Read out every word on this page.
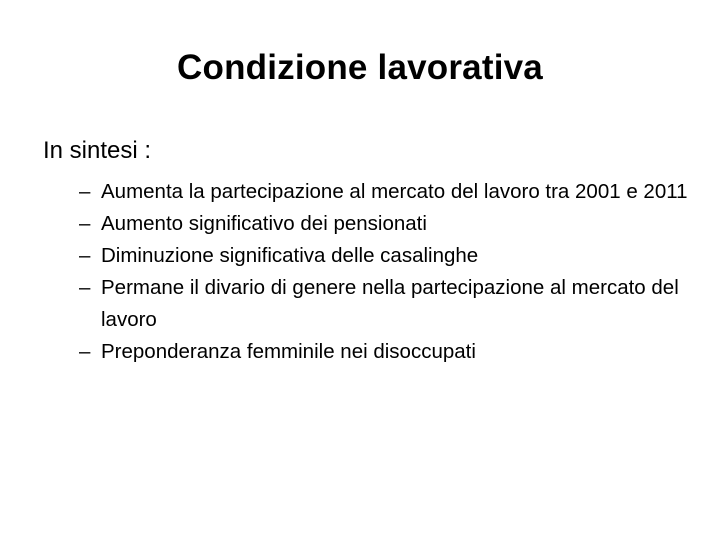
Condizione lavorativa
In sintesi :
– Aumenta la partecipazione al mercato del lavoro tra 2001 e 2011
– Aumento significativo dei pensionati
– Diminuzione significativa delle casalinghe
– Permane il divario di genere nella partecipazione al mercato del lavoro
– Preponderanza femminile nei disoccupati
